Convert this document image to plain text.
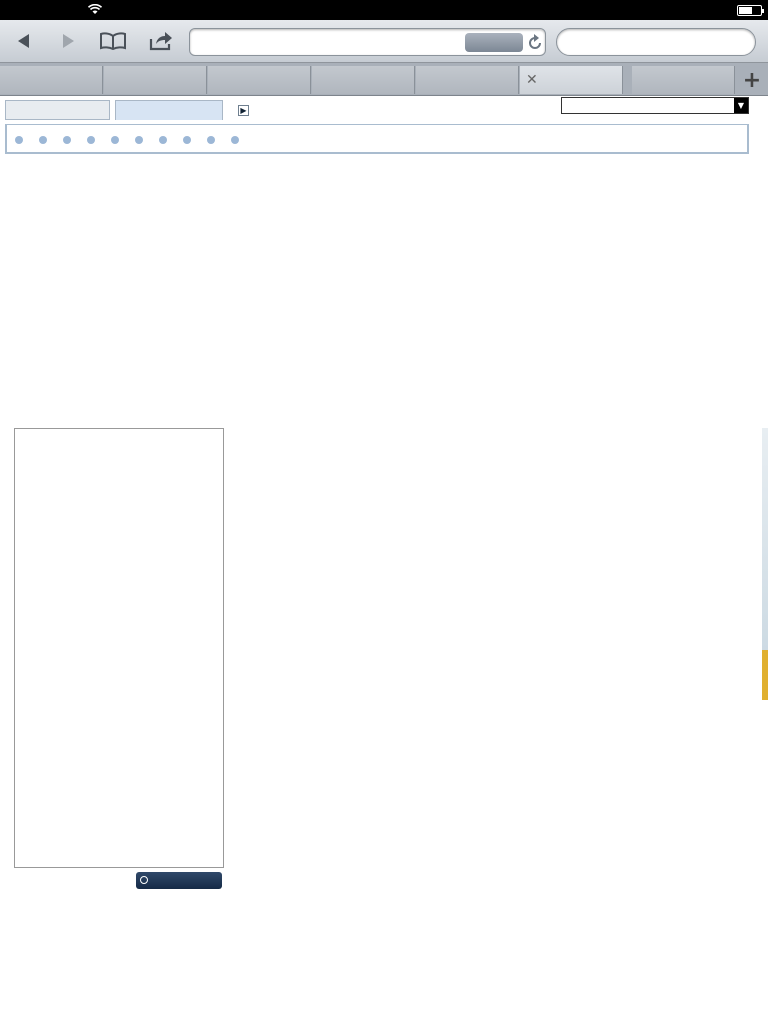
✕	+
▶	▼
